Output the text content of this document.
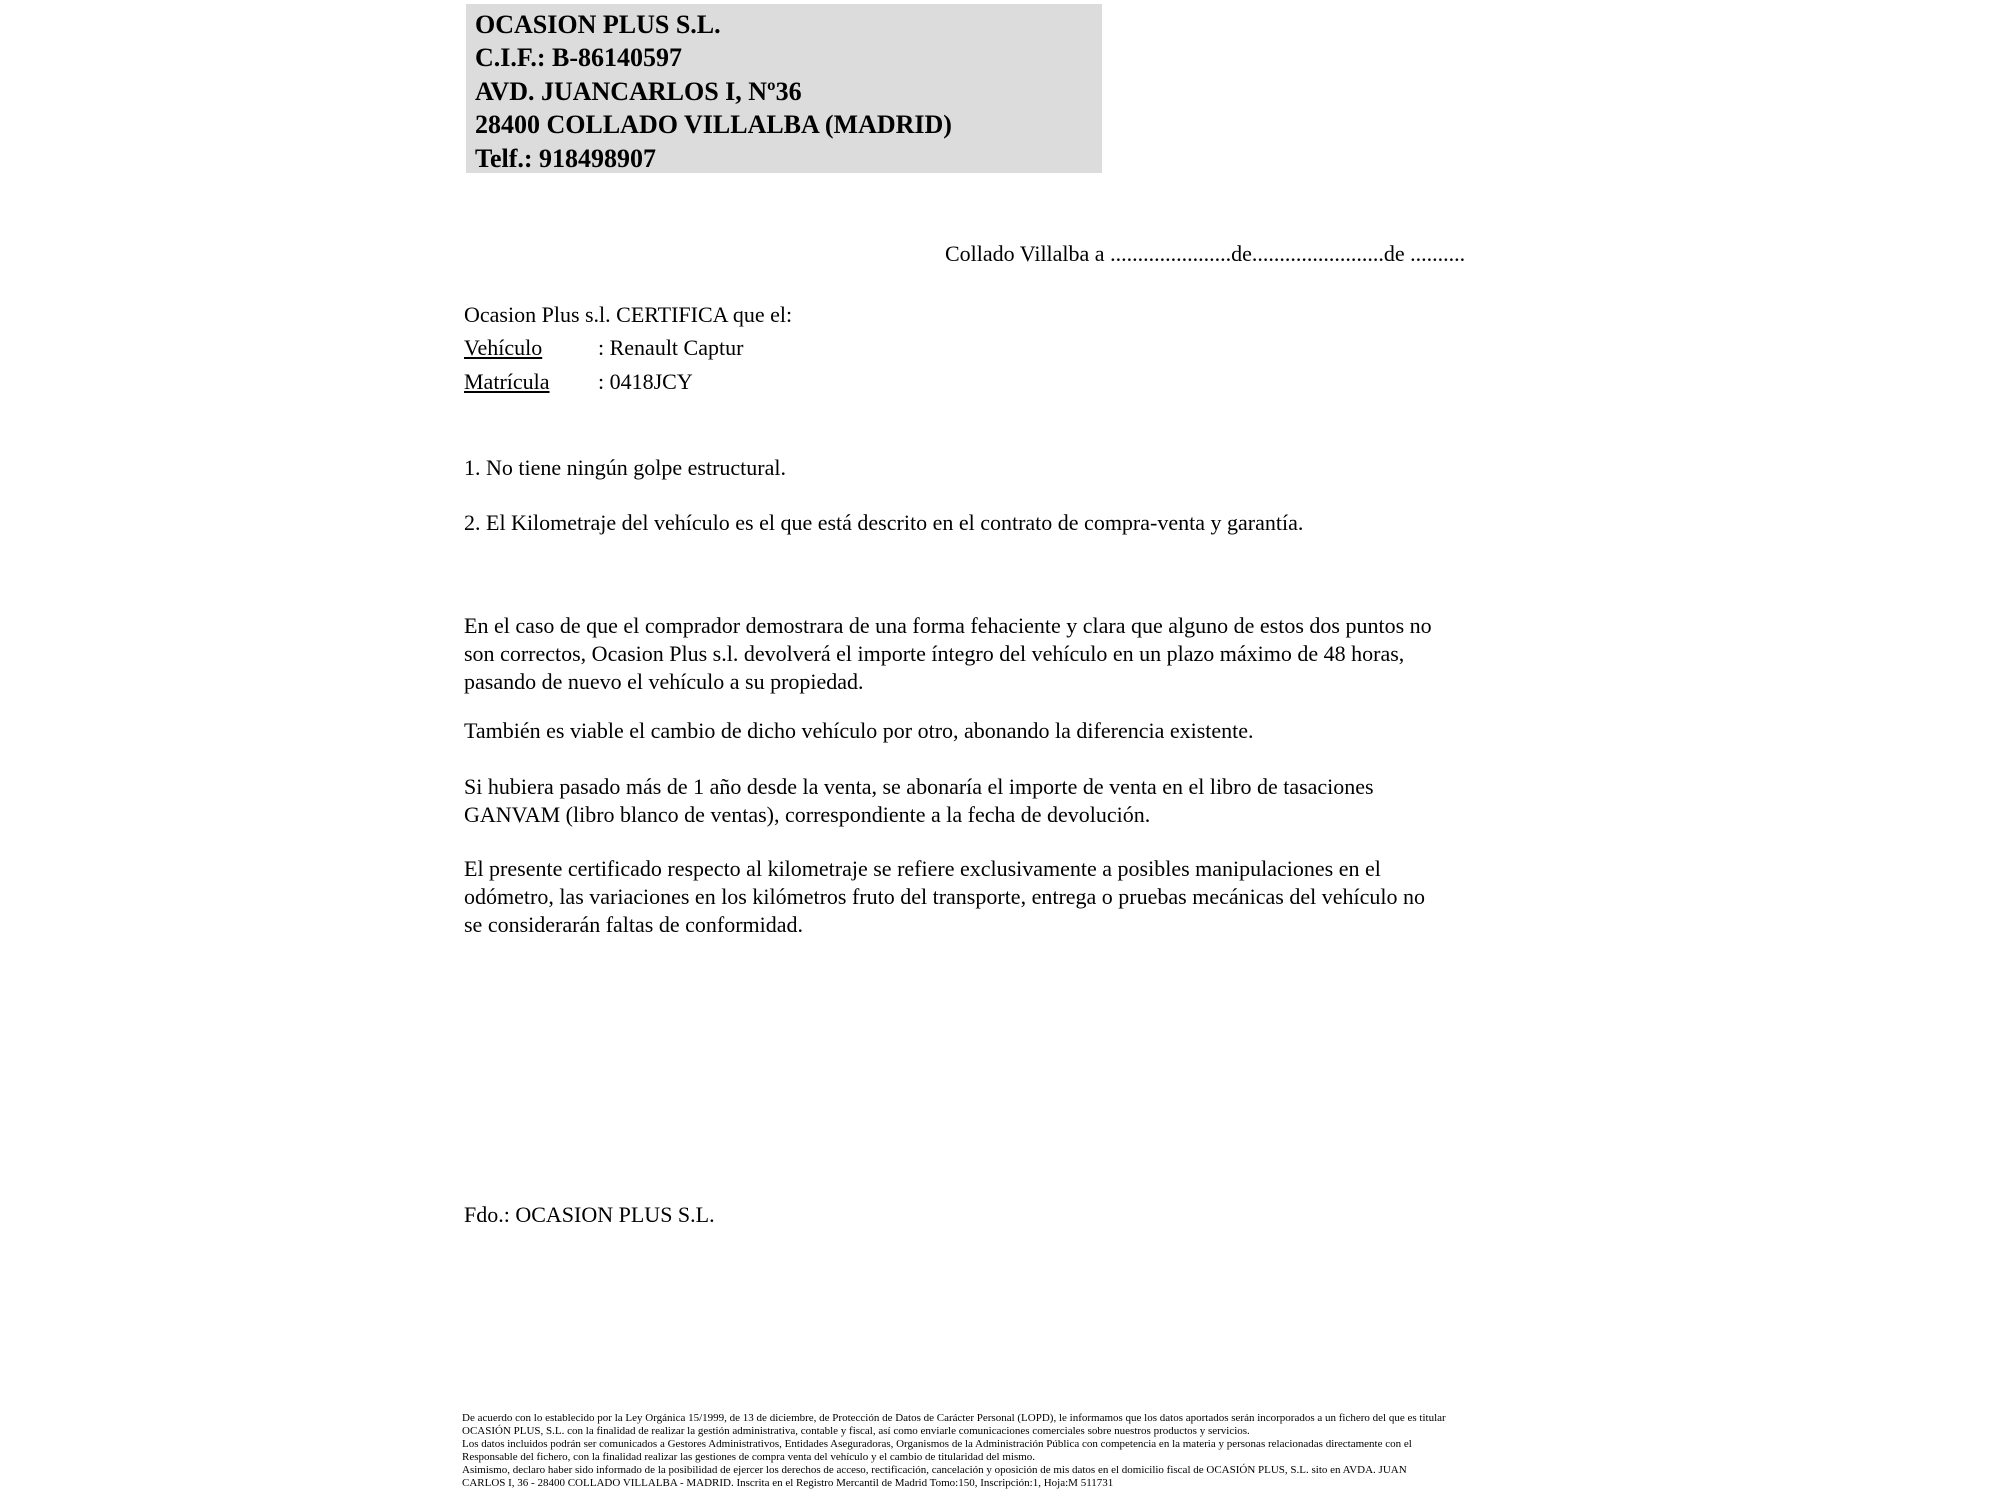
OCASION PLUS S.L.
C.I.F.: B-86140597
AVD. JUANCARLOS I, Nº36
28400 COLLADO VILLALBA (MADRID)
Telf.: 918498907
Collado Villalba a ......................de........................de ..........
Ocasion Plus s.l. CERTIFICA que el:
Vehículo	: Renault Captur
Matrícula : 0418JCY
1. No tiene ningún golpe estructural.
2. El Kilometraje del vehículo es el que está descrito en el contrato de compra-venta y garantía.
En el caso de que el comprador demostrara de una forma fehaciente y clara que alguno de estos dos puntos no
son correctos, Ocasion Plus s.l. devolverá el importe íntegro del vehículo en un plazo máximo de 48 horas,
pasando de nuevo el vehículo a su propiedad.
También es viable el cambio de dicho vehículo por otro, abonando la diferencia existente.
Si hubiera pasado más de 1 año desde la venta, se abonaría el importe de venta en el libro de tasaciones
GANVAM (libro blanco de ventas), correspondiente a la fecha de devolución.
El presente certificado respecto al kilometraje se refiere exclusivamente a posibles manipulaciones en el
odómetro, las variaciones en los kilómetros fruto del transporte, entrega o pruebas mecánicas del vehículo no
se considerarán faltas de conformidad.
Fdo.: OCASION PLUS S.L.
De acuerdo con lo establecido por la Ley Orgánica 15/1999, de 13 de diciembre, de Protección de Datos de Carácter Personal (LOPD), le informamos que los datos aportados serán incorporados a un fichero del que es titular
OCASIÓN PLUS, S.L. con la finalidad de realizar la gestión administrativa, contable y fiscal, así como enviarle comunicaciones comerciales sobre nuestros productos y servicios.
Los datos incluidos podrán ser comunicados a Gestores Administrativos, Entidades Aseguradoras, Organismos de la Administración Pública con competencia en la materia y personas relacionadas directamente con el
Responsable del fichero, con la finalidad realizar las gestiones de compra venta del vehículo y el cambio de titularidad del mismo.
Asimismo, declaro haber sido informado de la posibilidad de ejercer los derechos de acceso, rectificación, cancelación y oposición de mis datos en el domicilio fiscal de OCASIÓN PLUS, S.L. sito en AVDA. JUAN
CARLOS I, 36 - 28400 COLLADO VILLALBA - MADRID. Inscrita en el Registro Mercantil de Madrid Tomo:150, Inscripción:1, Hoja:M 511731
